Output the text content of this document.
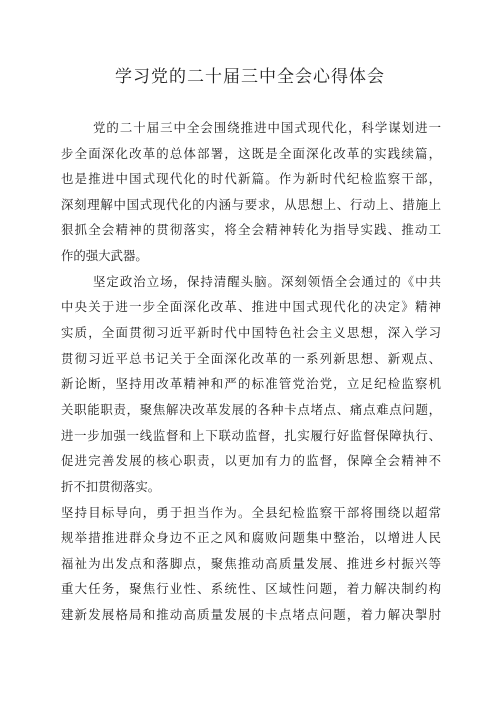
学习党的二十届三中全会心得体会
党的二十届三中全会围绕推进中国式现代化，科学谋划进一
步全面深化改革的总体部署，这既是全面深化改革的实践续篇，
也是推进中国式现代化的时代新篇。作为新时代纪检监察干部，
深刻理解中国式现代化的内涵与要求，从思想上、行动上、措施上
狠抓全会精神的贯彻落实，将全会精神转化为指导实践、推动工
作的强大武器。
坚定政治立场，保持清醒头脑。深刻领悟全会通过的《中共
中央关于进一步全面深化改革、推进中国式现代化的决定》精神
实质，全面贯彻习近平新时代中国特色社会主义思想，深入学习
贯彻习近平总书记关于全面深化改革的一系列新思想、新观点、
新论断，坚持用改革精神和严的标准管党治党，立足纪检监察机
关职能职责，聚焦解决改革发展的各种卡点堵点、痛点难点问题，
进一步加强一线监督和上下联动监督，扎实履行好监督保障执行、
促进完善发展的核心职责，以更加有力的监督，保障全会精神不
折不扣贯彻落实。
坚持目标导向，勇于担当作为。全县纪检监察干部将围绕以超常
规举措推进群众身边不正之风和腐败问题集中整治，以增进人民
福祉为出发点和落脚点，聚焦推动高质量发展、推进乡村振兴等
重大任务，聚焦行业性、系统性、区域性问题，着力解决制约构
建新发展格局和推动高质量发展的卡点堵点问题，着力解决掣肘
